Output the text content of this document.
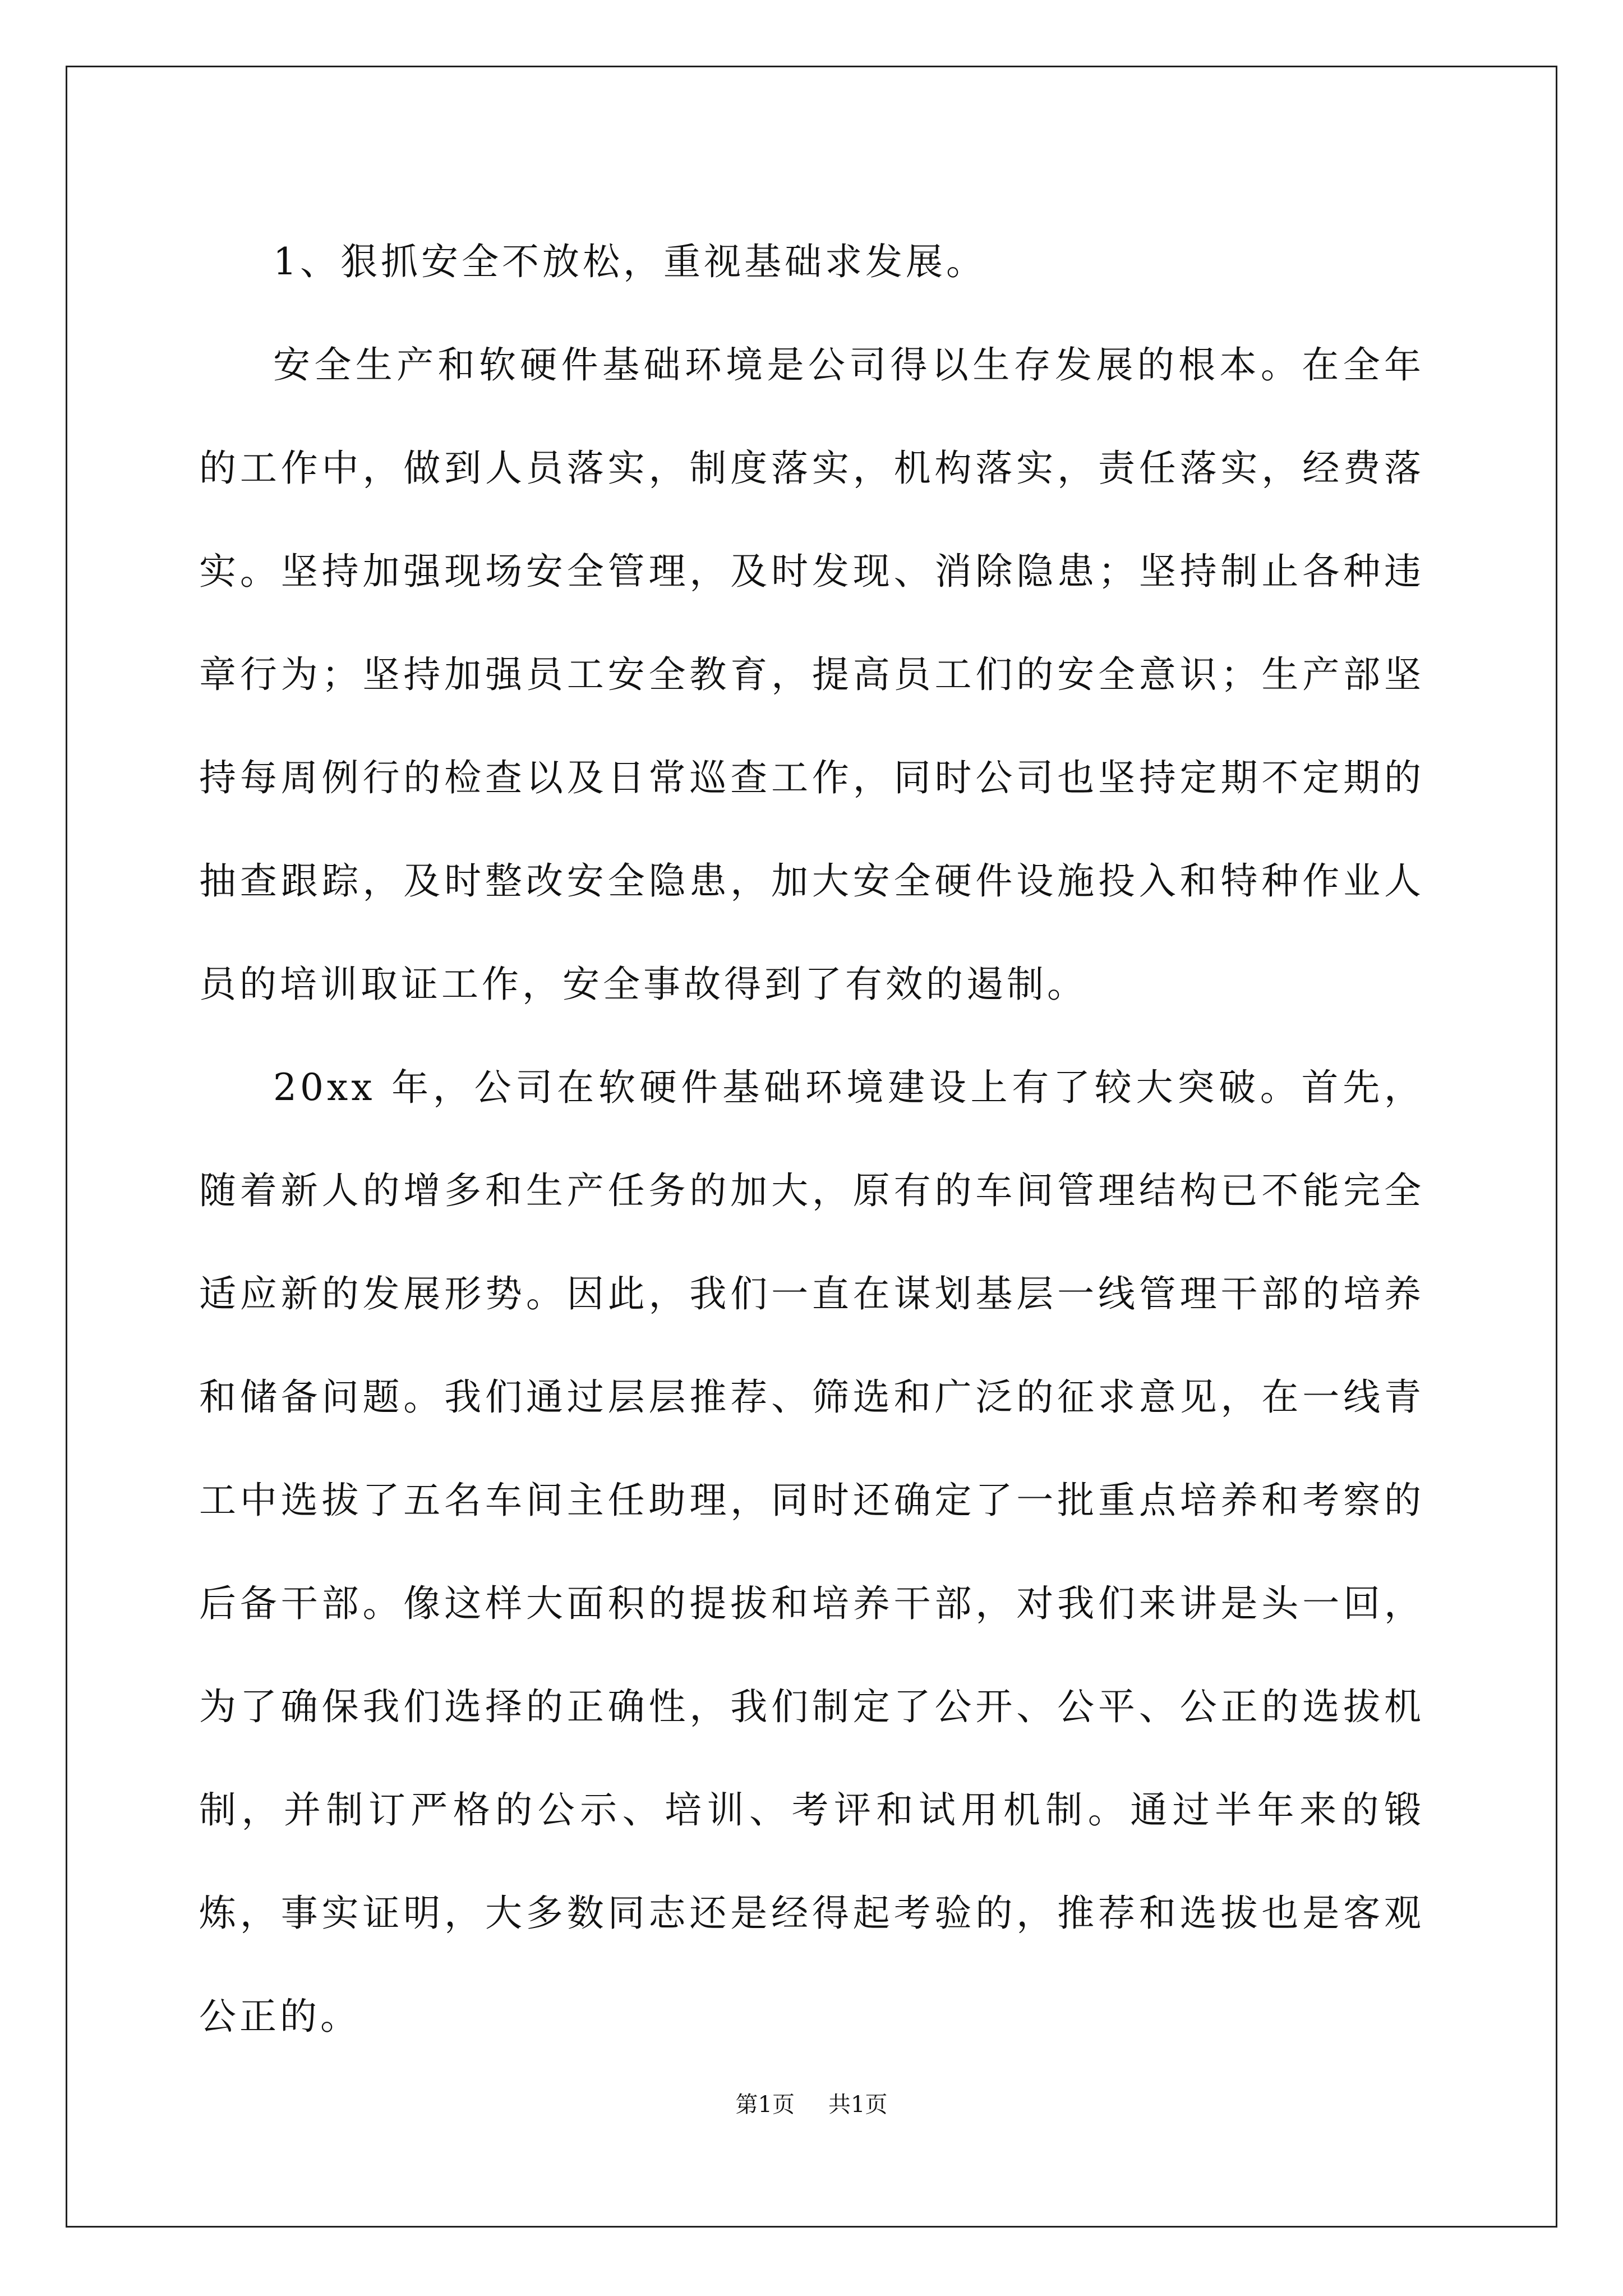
1、狠抓安全不放松，重视基础求发展。

安全生产和软硬件基础环境是公司得以生存发展的根本。在全年的工作中，做到人员落实，制度落实，机构落实，责任落实，经费落实。坚持加强现场安全管理，及时发现、消除隐患；坚持制止各种违章行为；坚持加强员工安全教育，提高员工们的安全意识；生产部坚持每周例行的检查以及日常巡查工作，同时公司也坚持定期不定期的抽查跟踪，及时整改安全隐患，加大安全硬件设施投入和特种作业人员的培训取证工作，安全事故得到了有效的遏制。

20xx 年，公司在软硬件基础环境建设上有了较大突破。首先，随着新人的增多和生产任务的加大，原有的车间管理结构已不能完全适应新的发展形势。因此，我们一直在谋划基层一线管理干部的培养和储备问题。我们通过层层推荐、筛选和广泛的征求意见，在一线青工中选拔了五名车间主任助理，同时还确定了一批重点培养和考察的后备干部。像这样大面积的提拔和培养干部，对我们来讲是头一回，为了确保我们选择的正确性，我们制定了公开、公平、公正的选拔机制，并制订严格的公示、培训、考评和试用机制。通过半年来的锻炼，事实证明，大多数同志还是经得起考验的，推荐和选拔也是客观公正的。

第1页 共1页
